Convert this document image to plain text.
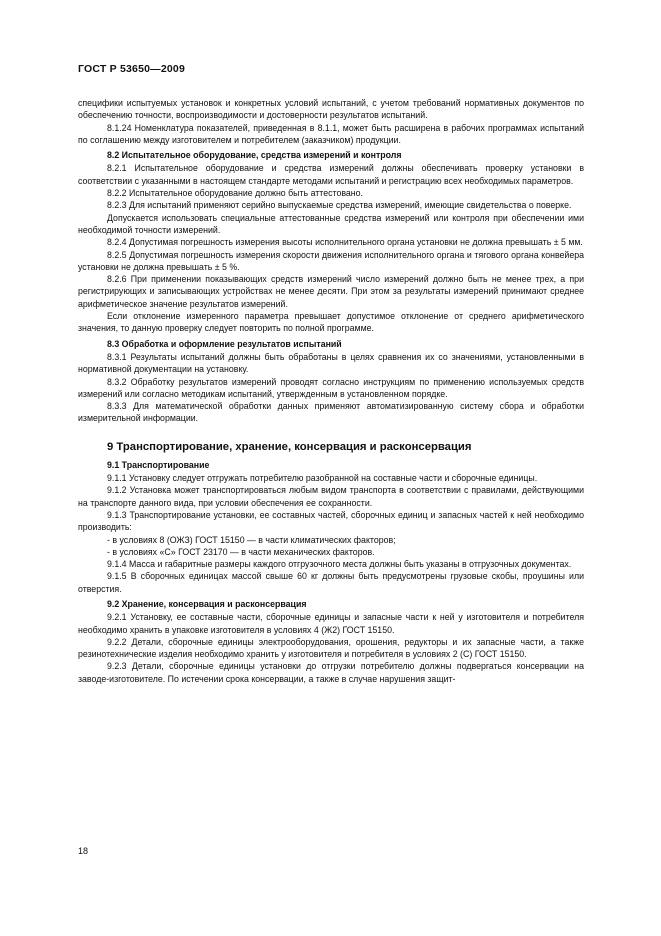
ГОСТ Р 53650—2009

специфики испытуемых установок и конкретных условий испытаний, с учетом требований нормативных документов по обеспечению точности, воспроизводимости и достоверности результатов испытаний.

8.1.24 Номенклатура показателей, приведенная в 8.1.1, может быть расширена в рабочих программах испытаний по соглашению между изготовителем и потребителем (заказчиком) продукции.

8.2 Испытательное оборудование, средства измерений и контроля

8.2.1 Испытательное оборудование и средства измерений должны обеспечивать проверку установки в соответствии с указанными в настоящем стандарте методами испытаний и регистрацию всех необходимых параметров.

8.2.2 Испытательное оборудование должно быть аттестовано.

8.2.3 Для испытаний применяют серийно выпускаемые средства измерений, имеющие свидетельства о поверке.

Допускается использовать специальные аттестованные средства измерений или контроля при обеспечении ими необходимой точности измерений.

8.2.4 Допустимая погрешность измерения высоты исполнительного органа установки не должна превышать ± 5 мм.

8.2.5 Допустимая погрешность измерения скорости движения исполнительного органа и тягового органа конвейера установки не должна превышать ± 5 %.

8.2.6 При применении показывающих средств измерений число измерений должно быть не менее трех, а при регистрирующих и записывающих устройствах не менее десяти. При этом за результаты измерений принимают среднее арифметическое значение результатов измерений.

Если отклонение измеренного параметра превышает допустимое отклонение от среднего арифметического значения, то данную проверку следует повторить по полной программе.

8.3 Обработка и оформление результатов испытаний

8.3.1 Результаты испытаний должны быть обработаны в целях сравнения их со значениями, установленными в нормативной документации на установку.

8.3.2 Обработку результатов измерений проводят согласно инструкциям по применению используемых средств измерений или согласно методикам испытаний, утвержденным в установленном порядке.

8.3.3 Для математической обработки данных применяют автоматизированную систему сбора и обработки измерительной информации.

9 Транспортирование, хранение, консервация и расконсервация

9.1 Транспортирование

9.1.1 Установку следует отгружать потребителю разобранной на составные части и сборочные единицы.

9.1.2 Установка может транспортироваться любым видом транспорта в соответствии с правилами, действующими на транспорте данного вида, при условии обеспечения ее сохранности.

9.1.3 Транспортирование установки, ее составных частей, сборочных единиц и запасных частей к ней необходимо производить:

- в условиях 8 (ОЖЗ) ГОСТ 15150 — в части климатических факторов;

- в условиях «С» ГОСТ 23170 — в части механических факторов.

9.1.4 Масса и габаритные размеры каждого отгрузочного места должны быть указаны в отгрузочных документах.

9.1.5 В сборочных единицах массой свыше 60 кг должны быть предусмотрены грузовые скобы, проушины или отверстия.

9.2 Хранение, консервация и расконсервация

9.2.1 Установку, ее составные части, сборочные единицы и запасные части к ней у изготовителя и потребителя необходимо хранить в упаковке изготовителя в условиях 4 (Ж2) ГОСТ 15150.

9.2.2 Детали, сборочные единицы электрооборудования, орошения, редукторы и их запасные части, а также резинотехнические изделия необходимо хранить у изготовителя и потребителя в условиях 2 (С) ГОСТ 15150.

9.2.3 Детали, сборочные единицы установки до отгрузки потребителю должны подвергаться консервации на заводе-изготовителе. По истечении срока консервации, а также в случае нарушения защит-

18
